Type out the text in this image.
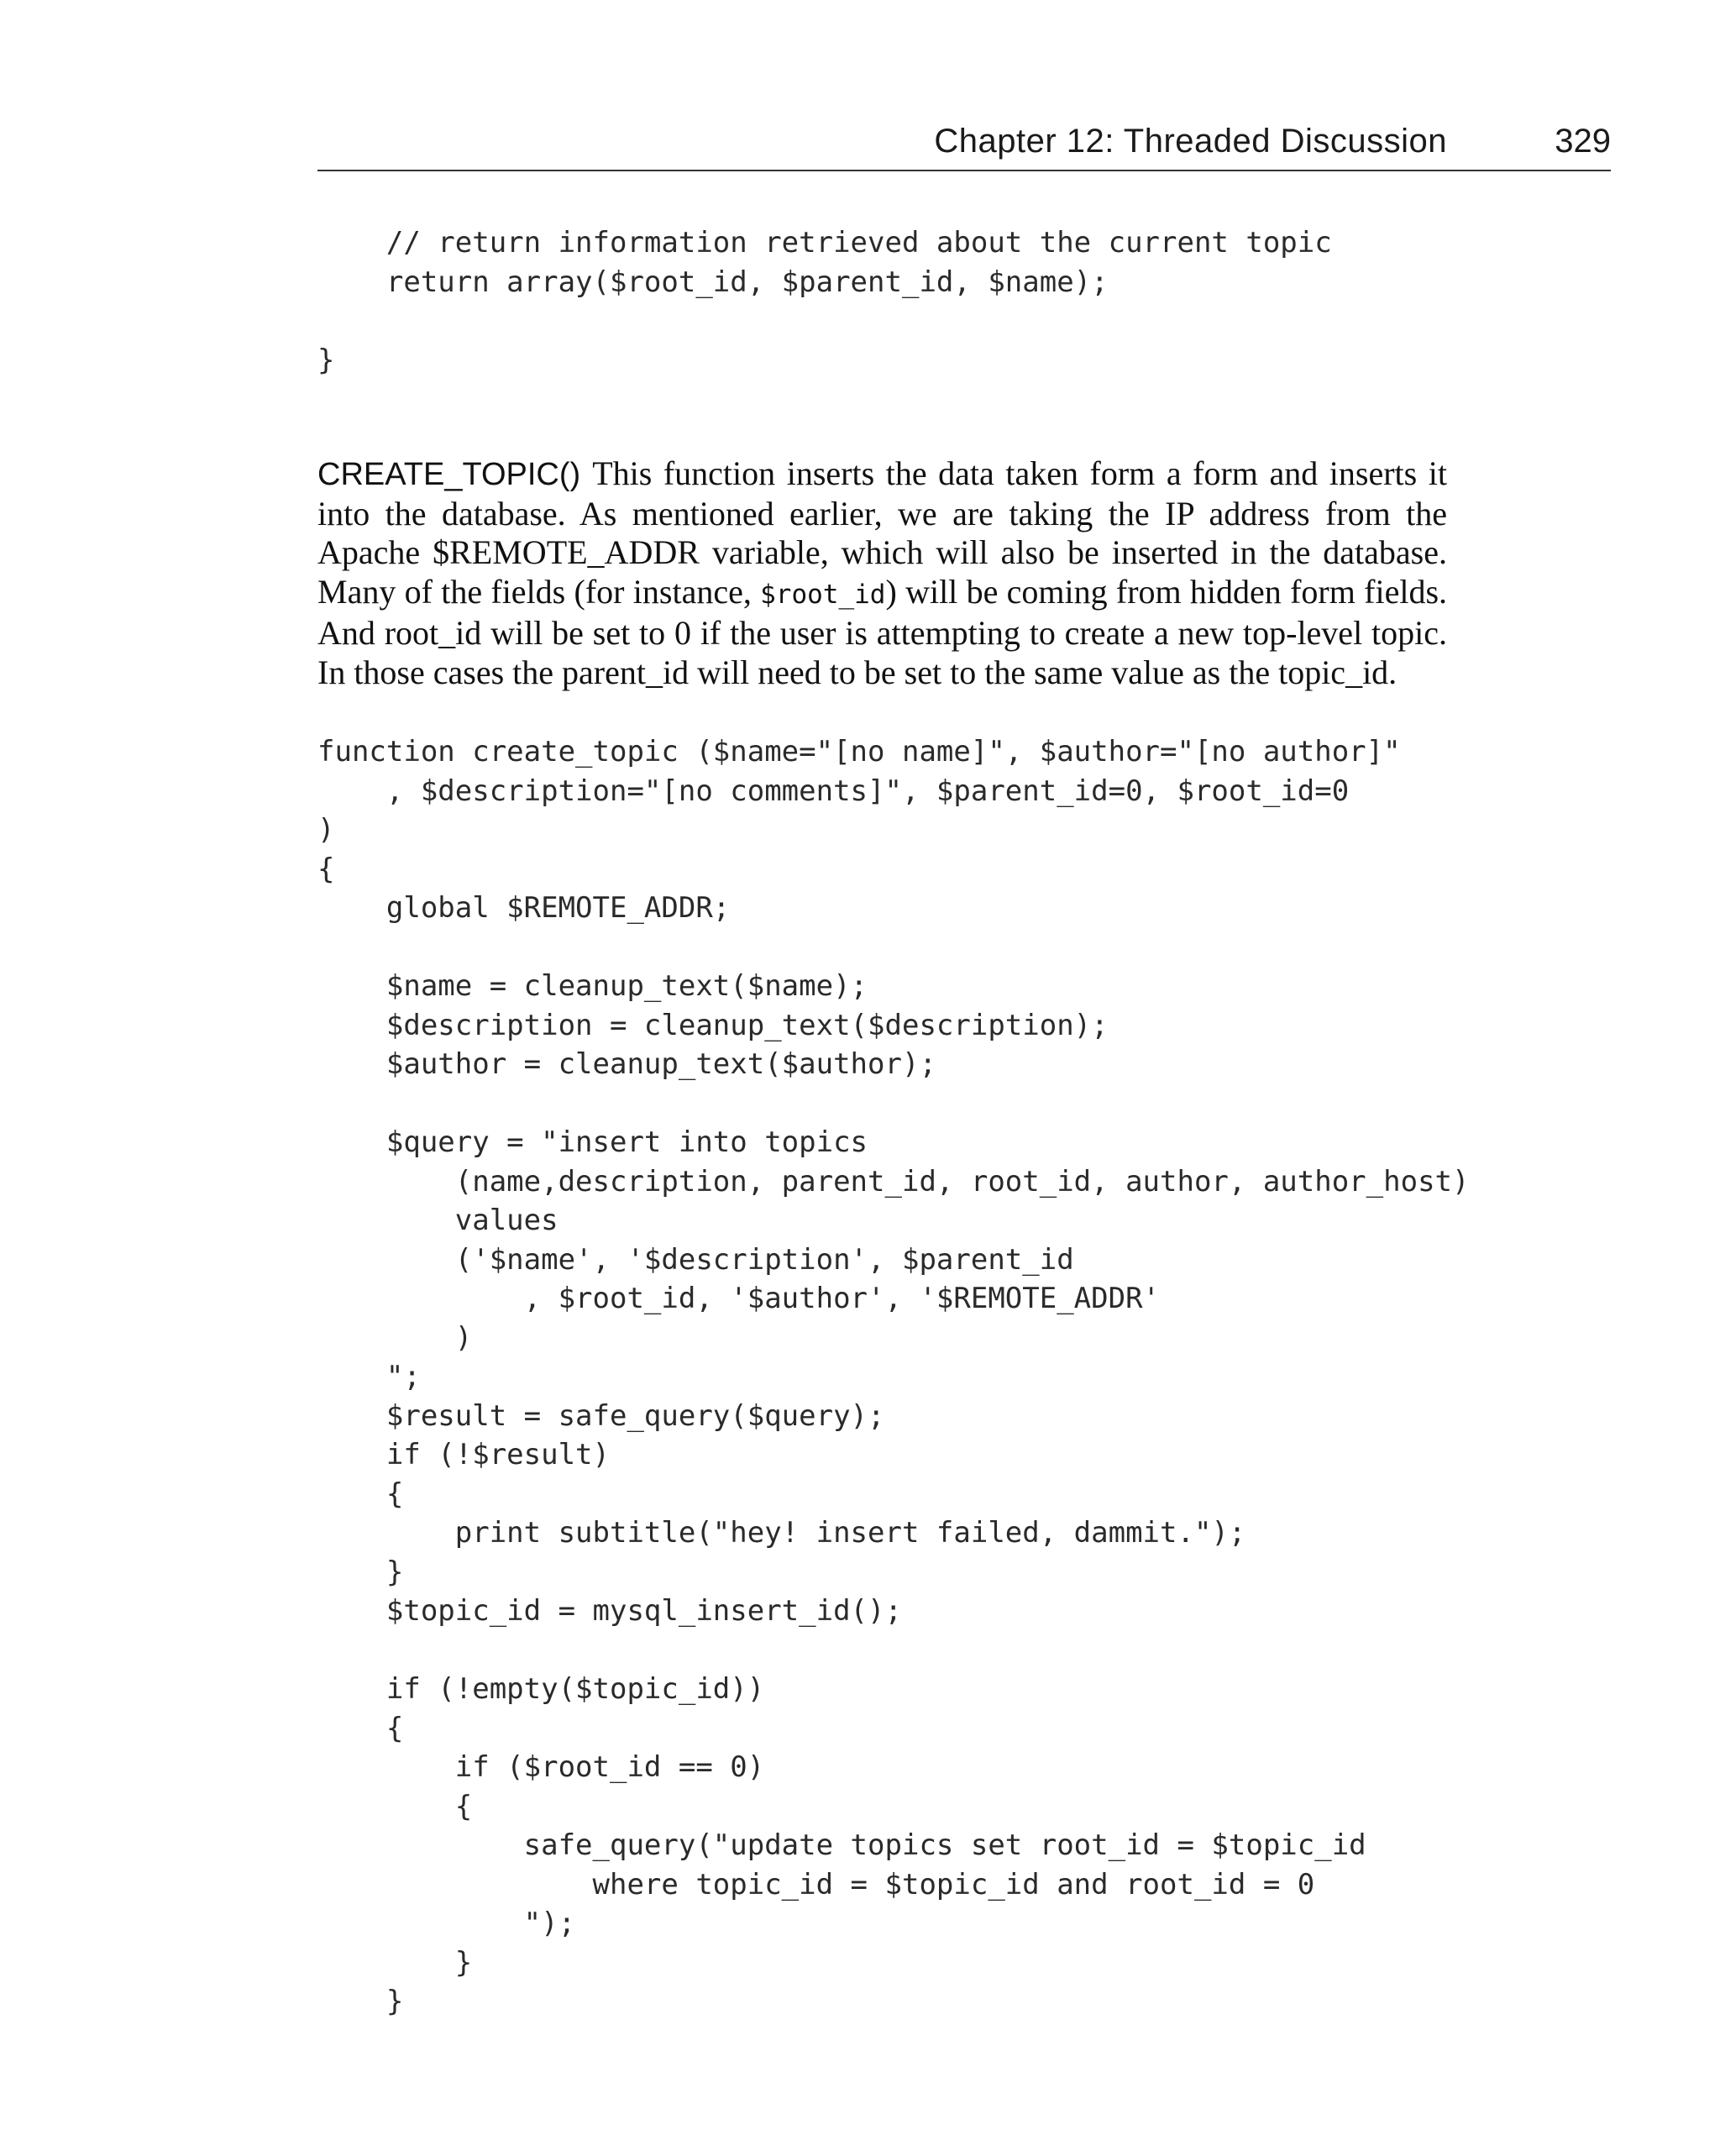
Chapter 12: Threaded Discussion	329
// return information retrieved about the current topic
return array($root_id, $parent_id, $name);

}

CREATE_TOPIC() This function inserts the data taken form a form and inserts it into the database. As mentioned earlier, we are taking the IP address from the Apache $REMOTE_ADDR variable, which will also be inserted in the database. Many of the fields (for instance, $root_id) will be coming from hidden form fields. And root_id will be set to 0 if the user is attempting to create a new top-level topic. In those cases the parent_id will need to be set to the same value as the topic_id.

function create_topic ($name="[no name]", $author="[no author]"
, $description="[no comments]", $parent_id=0, $root_id=0
)
{
global $REMOTE_ADDR;

$name = cleanup_text($name);
$description = cleanup_text($description);
$author = cleanup_text($author);

$query = "insert into topics
(name,description, parent_id, root_id, author, author_host)
values
('$name', '$description', $parent_id
, $root_id, '$author', '$REMOTE_ADDR'
)
";
$result = safe_query($query);
if (!$result)
{
print subtitle("hey! insert failed, dammit.");
}
$topic_id = mysql_insert_id();

if (!empty($topic_id))
{
if ($root_id == 0)
{
safe_query("update topics set root_id = $topic_id
where topic_id = $topic_id and root_id = 0
");
}
}
